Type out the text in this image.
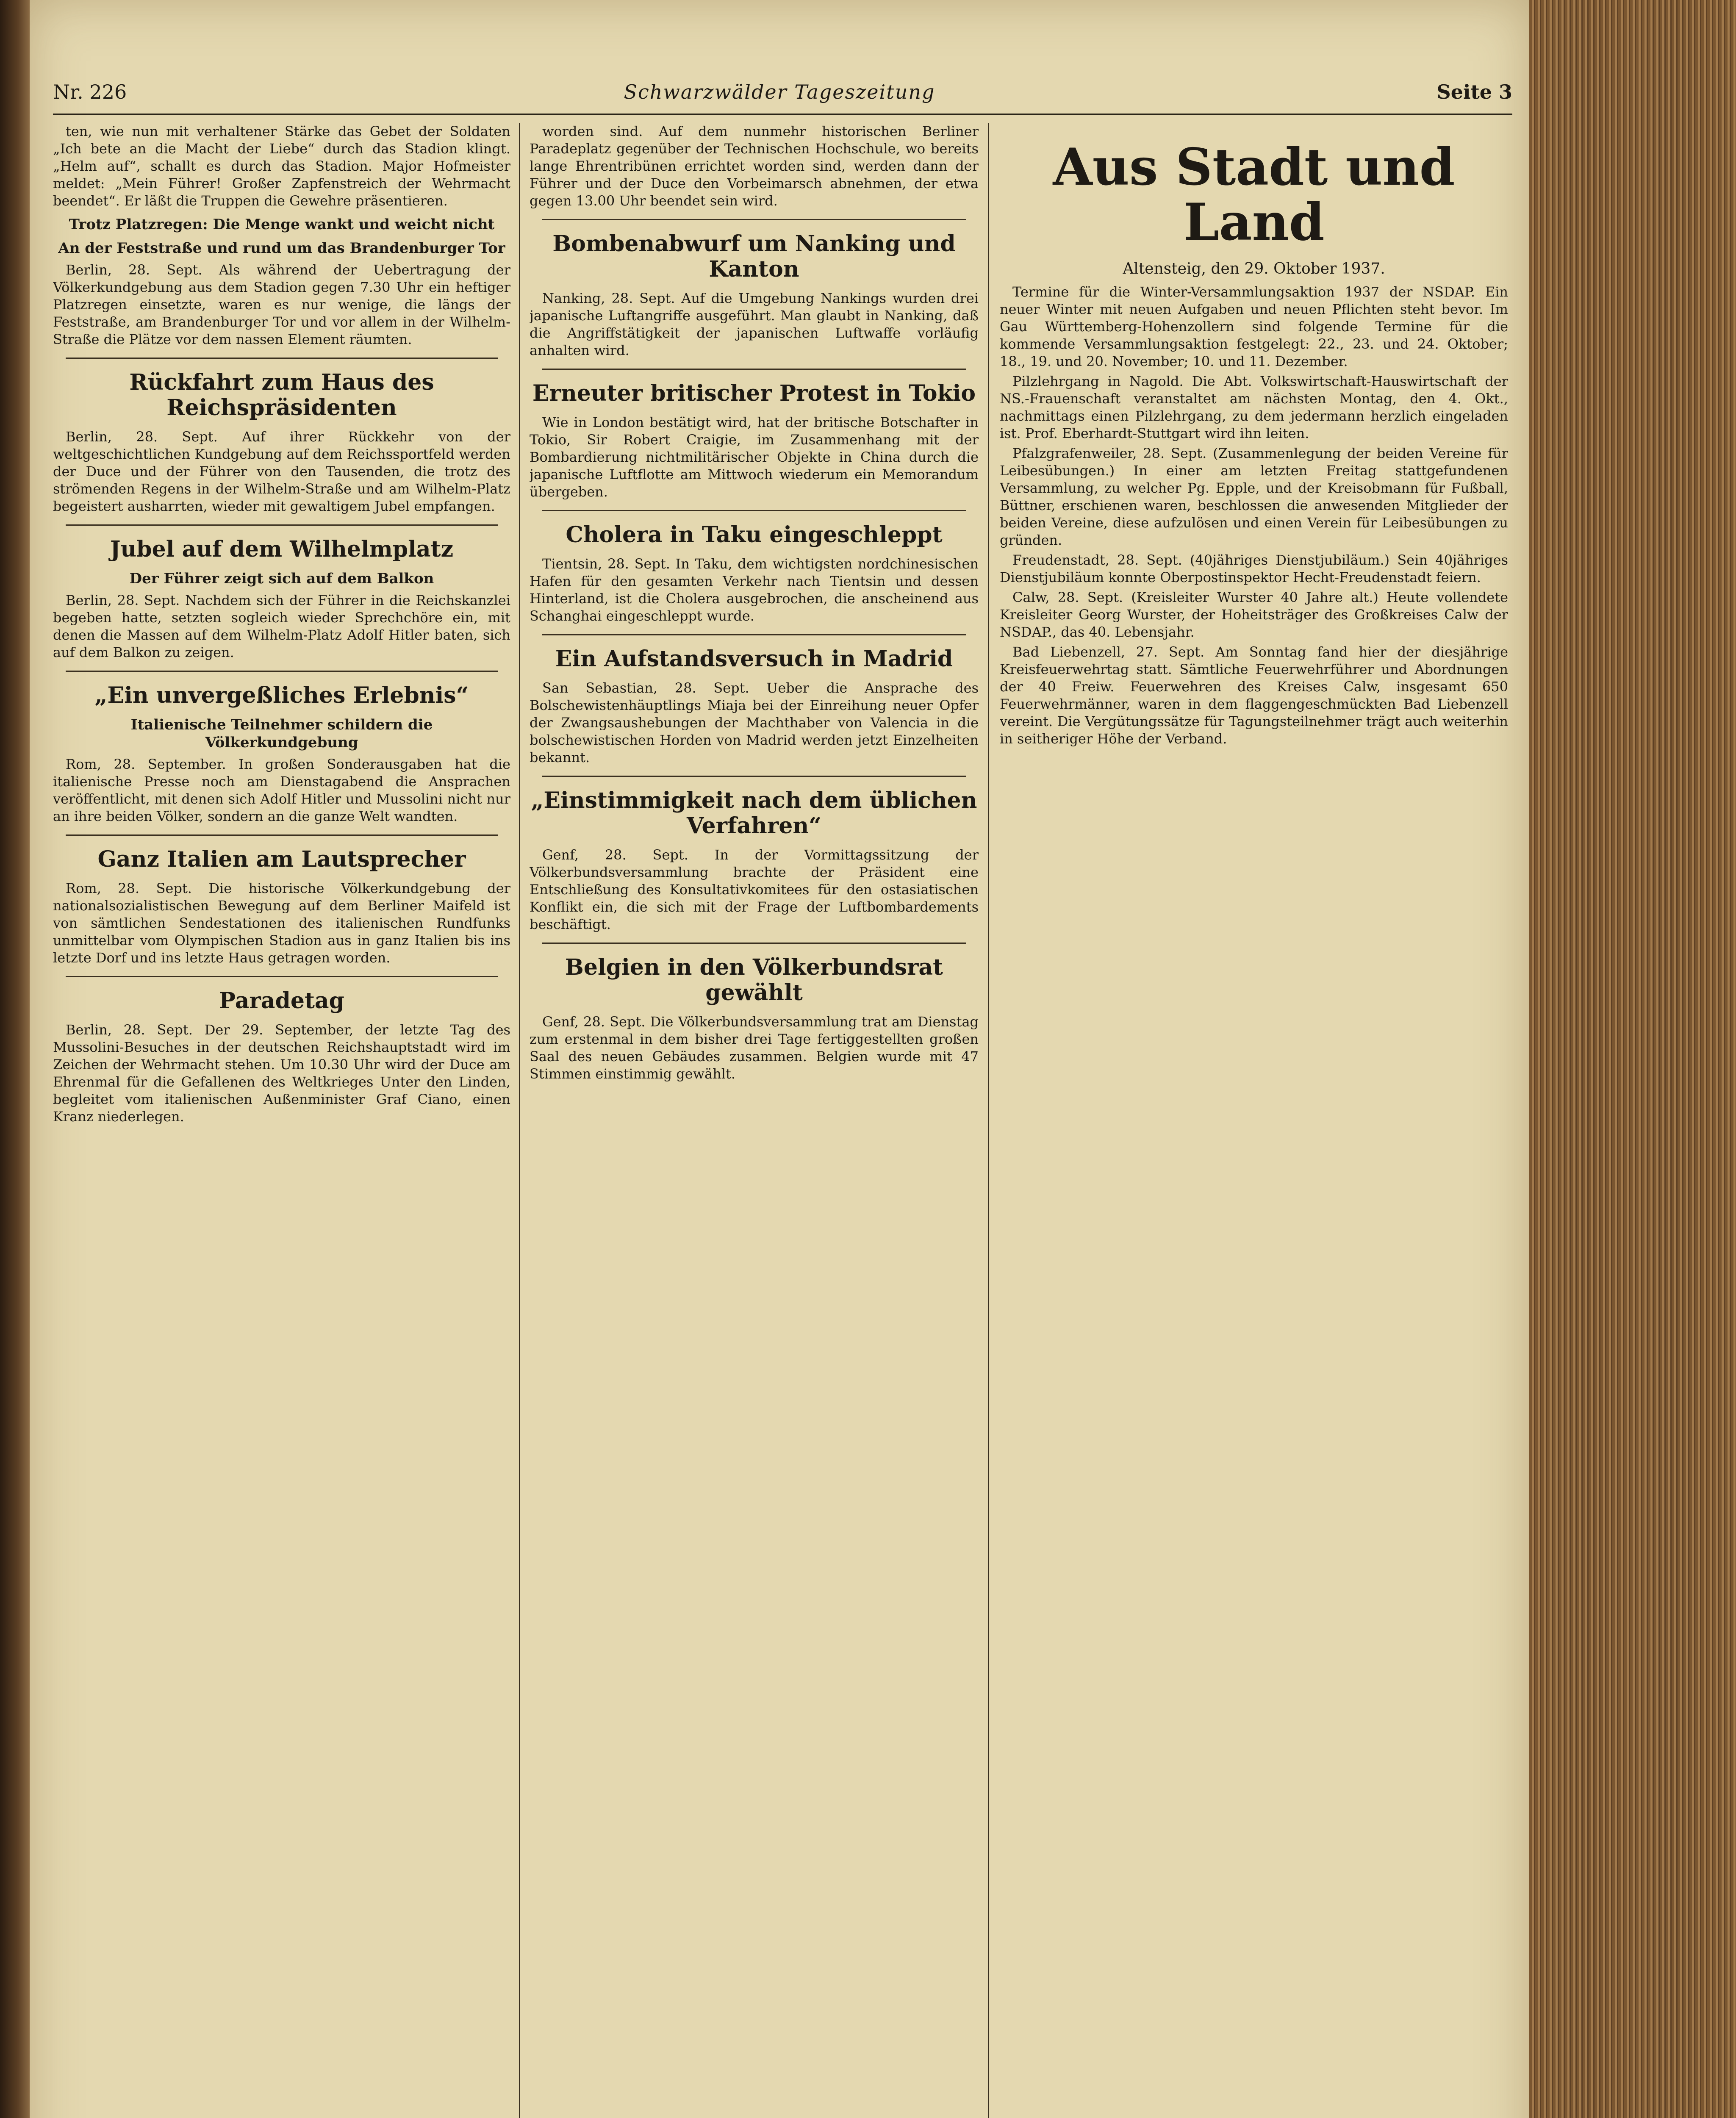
Nr. 226	Schwarzwälder Tageszeitung	Seite 3

ten, wie nun mit verhaltener Stärke das Gebet der Soldaten „Ich bete an die Macht der Liebe“ durch das Stadion klingt. „Helm auf“, schallt es durch das Stadion. Major Hofmeister meldet: „Mein Führer! Großer Zapfenstreich der Wehrmacht beendet“. Er läßt die Truppen die Gewehre präsentieren.

Trotz Platzregen: Die Menge wankt und weicht nicht
An der Feststraße und rund um das Brandenburger Tor

Berlin, 28. Sept. Als während der Uebertragung der Völkerkundgebung aus dem Stadion gegen 7.30 Uhr ein heftiger Platzregen einsetzte, waren es nur wenige, die längs der Feststraße, am Brandenburger Tor und vor allem in der Wilhelm-Straße die Plätze vor dem nassen Element räumten.

Rückfahrt zum Haus des Reichspräsidenten

Berlin, 28. Sept. Auf ihrer Rückkehr von der weltgeschichtlichen Kundgebung auf dem Reichssportfeld werden der Duce und der Führer von den Tausenden, die trotz des strömenden Regens in der Wilhelm-Straße und am Wilhelm-Platz begeistert ausharrten, wieder mit gewaltigem Jubel empfangen.

Jubel auf dem Wilhelmplatz
Der Führer zeigt sich auf dem Balkon

Berlin, 28. Sept. Nachdem sich der Führer in die Reichskanzlei begeben hatte, setzten sogleich wieder Sprechchöre ein, mit denen die Massen auf dem Wilhelm-Platz Adolf Hitler baten, sich auf dem Balkon zu zeigen.

„Ein unvergeßliches Erlebnis“
Italienische Teilnehmer schildern die Völkerkundgebung

Rom, 28. September. In großen Sonderausgaben hat die italienische Presse noch am Dienstagabend die Ansprachen veröffentlicht, mit denen sich Adolf Hitler und Mussolini nicht nur an ihre beiden Völker, sondern an die ganze Welt wandten.

Ganz Italien am Lautsprecher

Rom, 28. Sept. Die historische Völkerkundgebung der nationalsozialistischen Bewegung auf dem Berliner Maifeld ist von sämtlichen Sendestationen des italienischen Rundfunks unmittelbar vom Olympischen Stadion aus in ganz Italien bis ins letzte Dorf und ins letzte Haus getragen worden.

Paradetag

Berlin, 28. Sept. Der 29. September, der letzte Tag des Mussolini-Besuches in der deutschen Reichshauptstadt wird im Zeichen der Wehrmacht stehen. Um 10.30 Uhr wird der Duce am Ehrenmal für die Gefallenen des Weltkrieges Unter den Linden, begleitet vom italienischen Außenminister Graf Ciano, einen Kranz niederlegen.

worden sind. Auf dem nunmehr historischen Berliner Paradeplatz gegenüber der Technischen Hochschule, wo bereits lange Ehrentribünen errichtet worden sind, werden dann der Führer und der Duce den Vorbeimarsch abnehmen, der etwa gegen 13.00 Uhr beendet sein wird.

Bombenabwurf um Nanking und Kanton

Nanking, 28. Sept. Auf die Umgebung Nankings wurden drei japanische Luftangriffe ausgeführt. Man glaubt in Nanking, daß die Angriffstätigkeit der japanischen Luftwaffe vorläufig anhalten wird.

Erneuter britischer Protest in Tokio

Wie in London bestätigt wird, hat der britische Botschafter in Tokio, Sir Robert Craigie, im Zusammenhang mit der Bombardierung nichtmilitärischer Objekte in China durch die japanische Luftflotte am Mittwoch wiederum ein Memorandum übergeben.

Cholera in Taku eingeschleppt

Tientsin, 28. Sept. In Taku, dem wichtigsten nordchinesischen Hafen für den gesamten Verkehr nach Tientsin und dessen Hinterland, ist die Cholera ausgebrochen, die anscheinend aus Schanghai eingeschleppt wurde.

Ein Aufstandsversuch in Madrid

San Sebastian, 28. Sept. Ueber die Ansprache des Bolschewistenhäuptlings Miaja bei der Einreihung neuer Opfer der Zwangsaushebungen der Machthaber von Valencia in die bolschewistischen Horden von Madrid werden jetzt Einzelheiten bekannt.

„Einstimmigkeit nach dem üblichen Verfahren“

Genf, 28. Sept. In der Vormittagssitzung der Völkerbundsversammlung brachte der Präsident eine Entschließung des Konsultativkomitees für den ostasiatischen Konflikt ein, die sich mit der Frage der Luftbombardements beschäftigt.

Belgien in den Völkerbundsrat gewählt

Genf, 28. Sept. Die Völkerbundsversammlung trat am Dienstag zum erstenmal in dem bisher drei Tage fertiggestellten großen Saal des neuen Gebäudes zusammen. Belgien wurde mit 47 Stimmen einstimmig gewählt.

Aus Stadt und Land
Altensteig, den 29. Oktober 1937.

Termine für die Winter-Versammlungsaktion 1937 der NSDAP. Ein neuer Winter mit neuen Aufgaben und neuen Pflichten steht bevor. Im Gau Württemberg-Hohenzollern sind folgende Termine für die kommende Versammlungsaktion festgelegt: 22., 23. und 24. Oktober; 18., 19. und 20. November; 10. und 11. Dezember.

Pilzlehrgang in Nagold. Die Abt. Volkswirtschaft-Hauswirtschaft der NS.-Frauenschaft veranstaltet am nächsten Montag, den 4. Okt., nachmittags einen Pilzlehrgang, zu dem jedermann herzlich eingeladen ist. Prof. Eberhardt-Stuttgart wird ihn leiten.

Pfalzgrafenweiler, 28. Sept. (Zusammenlegung der beiden Vereine für Leibesübungen.) In einer am letzten Freitag stattgefundenen Versammlung, zu welcher Pg. Epple, und der Kreisobmann für Fußball, Büttner, erschienen waren, beschlossen die anwesenden Mitglieder der beiden Vereine, diese aufzulösen und einen Verein für Leibesübungen zu gründen.

Freudenstadt, 28. Sept. (40jähriges Dienstjubiläum.) Sein 40jähriges Dienstjubiläum konnte Oberpostinspektor Hecht-Freudenstadt feiern.

Calw, 28. Sept. (Kreisleiter Wurster 40 Jahre alt.) Heute vollendete Kreisleiter Georg Wurster, der Hoheitsträger des Großkreises Calw der NSDAP., das 40. Lebensjahr.

Bad Liebenzell, 27. Sept. Am Sonntag fand hier der diesjährige Kreisfeuerwehrtag statt. Sämtliche Feuerwehrführer und Abordnungen der 40 Freiw. Feuerwehren des Kreises Calw, insgesamt 650 Feuerwehrmänner, waren in dem flaggengeschmückten Bad Liebenzell vereint. Die Vergütungssätze für Tagungsteilnehmer trägt auch weiterhin in seitheriger Höhe der Verband.
